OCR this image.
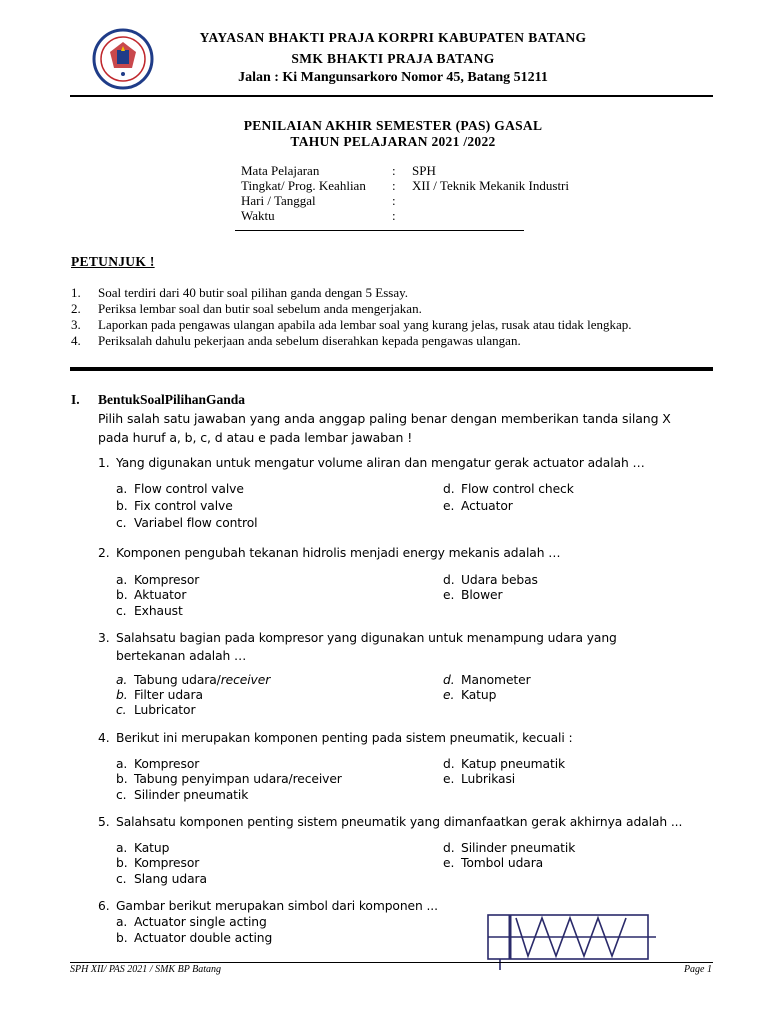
YAYASAN BHAKTI PRAJA KORPRI KABUPATEN BATANG
SMK BHAKTI PRAJA BATANG
Jalan : Ki Mangunsarkoro Nomor 45, Batang 51211
PENILAIAN AKHIR SEMESTER (PAS) GASAL
TAHUN PELAJARAN 2021 /2022
Mata Pelajaran	: SPH
Tingkat/ Prog. Keahlian : XII / Teknik Mekanik Industri
Hari / Tanggal	:
Waktu	:
PETUNJUK !
1. Soal terdiri dari 40 butir soal pilihan ganda dengan 5 Essay.
2. Periksa lembar soal dan butir soal sebelum anda mengerjakan.
3. Laporkan pada pengawas ulangan apabila ada lembar soal yang kurang jelas, rusak atau tidak lengkap.
4. Periksalah dahulu pekerjaan anda sebelum diserahkan kepada pengawas ulangan.
I. BentukSoalPilihanGanda
Pilih salah satu jawaban yang anda anggap paling benar dengan memberikan tanda silang X pada huruf a, b, c, d atau e pada lembar jawaban !
1. Yang digunakan untuk mengatur volume aliran dan mengatur gerak actuator adalah …
a. Flow control valve
b. Fix control valve
c. Variabel flow control
d. Flow control check
e. Actuator
2. Komponen pengubah tekanan hidrolis menjadi energy mekanis adalah …
a. Kompresor
b. Aktuator
c. Exhaust
d. Udara bebas
e. Blower
3. Salahsatu bagian pada kompresor yang digunakan untuk menampung udara yang bertekanan adalah …
a. Tabung udara/receiver
b. Filter udara
c. Lubricator
d. Manometer
e. Katup
4. Berikut ini merupakan komponen penting pada sistem pneumatik, kecuali :
a. Kompresor
b. Tabung penyimpan udara/receiver
c. Silinder pneumatik
d. Katup pneumatik
e. Lubrikasi
5. Salahsatu komponen penting sistem pneumatik yang dimanfaatkan gerak akhirnya adalah ...
a. Katup
b. Kompresor
c. Slang udara
d. Silinder pneumatik
e. Tombol udara
6. Gambar berikut merupakan simbol dari komponen ...
a. Actuator single acting
b. Actuator double acting
SPH XII/ PAS 2021 / SMK BP Batang	Page 1
